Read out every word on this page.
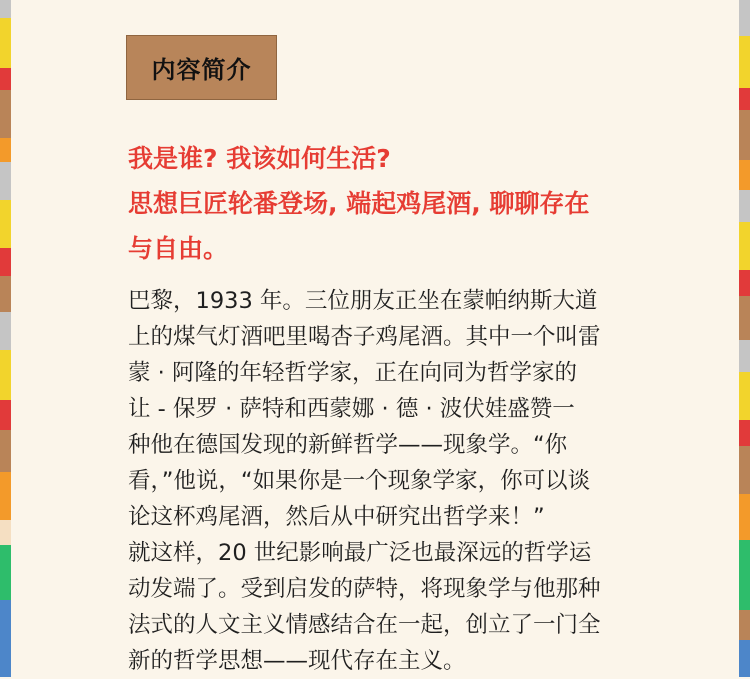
内容简介
我是谁? 我该如何生活?
思想巨匠轮番登场, 端起鸡尾酒, 聊聊存在
与自由。
巴黎，1933 年。三位朋友正坐在蒙帕纳斯大道
上的煤气灯酒吧里喝杏子鸡尾酒。其中一个叫雷
蒙 · 阿隆的年轻哲学家，正在向同为哲学家的
让 - 保罗 · 萨特和西蒙娜 · 德 · 波伏娃盛赞一
种他在德国发现的新鲜哲学——现象学。“你
看，”他说，“如果你是一个现象学家，你可以谈
论这杯鸡尾酒，然后从中研究出哲学来！”
就这样，20 世纪影响最广泛也最深远的哲学运
动发端了。受到启发的萨特，将现象学与他那种
法式的人文主义情感结合在一起，创立了一门全
新的哲学思想——现代存在主义。
